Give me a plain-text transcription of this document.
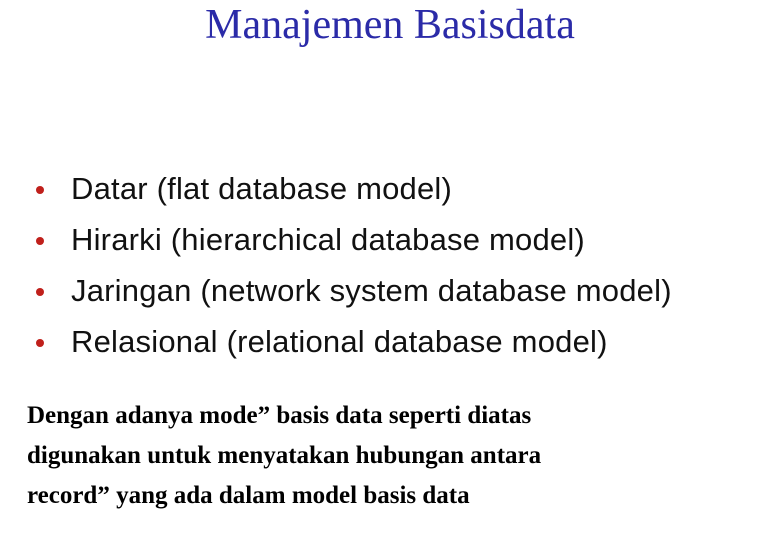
Manajemen Basisdata
Datar (flat database model)
Hirarki (hierarchical database model)
Jaringan (network system database model)
Relasional (relational database model)

Dengan adanya mode” basis data seperti diatas
digunakan untuk menyatakan hubungan antara
record” yang ada dalam model basis data
